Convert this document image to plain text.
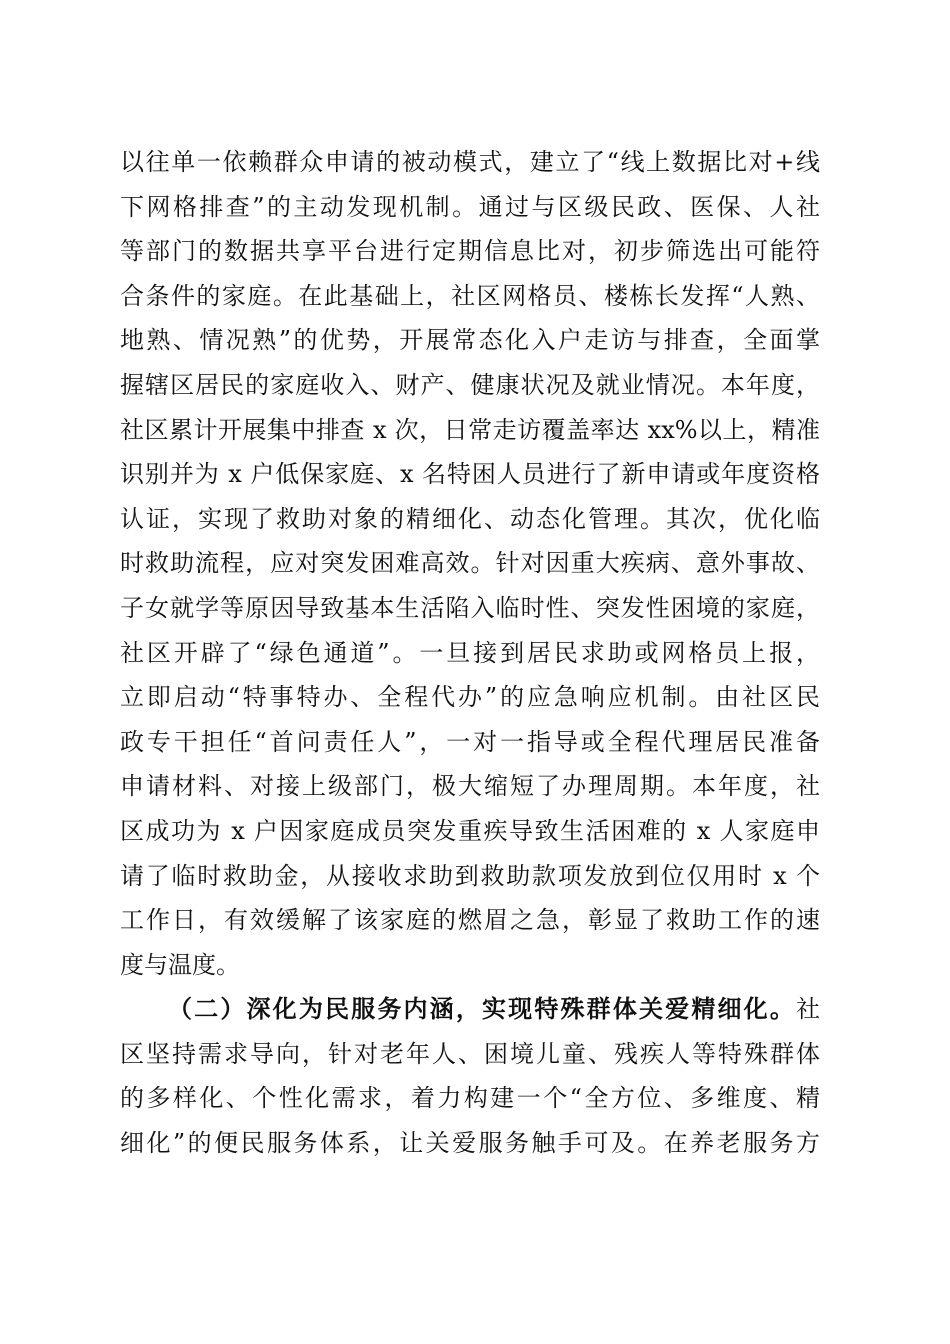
以往单一依赖群众申请的被动模式，建立了“线上数据比对+线
下网格排查”的主动发现机制。通过与区级民政、医保、人社
等部门的数据共享平台进行定期信息比对，初步筛选出可能符
合条件的家庭。在此基础上，社区网格员、楼栋长发挥“人熟、
地熟、情况熟”的优势，开展常态化入户走访与排查，全面掌
握辖区居民的家庭收入、财产、健康状况及就业情况。本年度，
社区累计开展集中排查 x 次，日常走访覆盖率达 xx%以上，精准
识别并为 x 户低保家庭、x 名特困人员进行了新申请或年度资格
认证，实现了救助对象的精细化、动态化管理。其次，优化临
时救助流程，应对突发困难高效。针对因重大疾病、意外事故、
子女就学等原因导致基本生活陷入临时性、突发性困境的家庭，
社区开辟了“绿色通道”。一旦接到居民求助或网格员上报，
立即启动“特事特办、全程代办”的应急响应机制。由社区民
政专干担任“首问责任人”，一对一指导或全程代理居民准备
申请材料、对接上级部门，极大缩短了办理周期。本年度，社
区成功为 x 户因家庭成员突发重疾导致生活困难的 x 人家庭申
请了临时救助金，从接收求助到救助款项发放到位仅用时 x 个
工作日，有效缓解了该家庭的燃眉之急，彰显了救助工作的速
度与温度。
（二）深化为民服务内涵，实现特殊群体关爱精细化。社
区坚持需求导向，针对老年人、困境儿童、残疾人等特殊群体
的多样化、个性化需求，着力构建一个“全方位、多维度、精
细化”的便民服务体系，让关爱服务触手可及。在养老服务方
